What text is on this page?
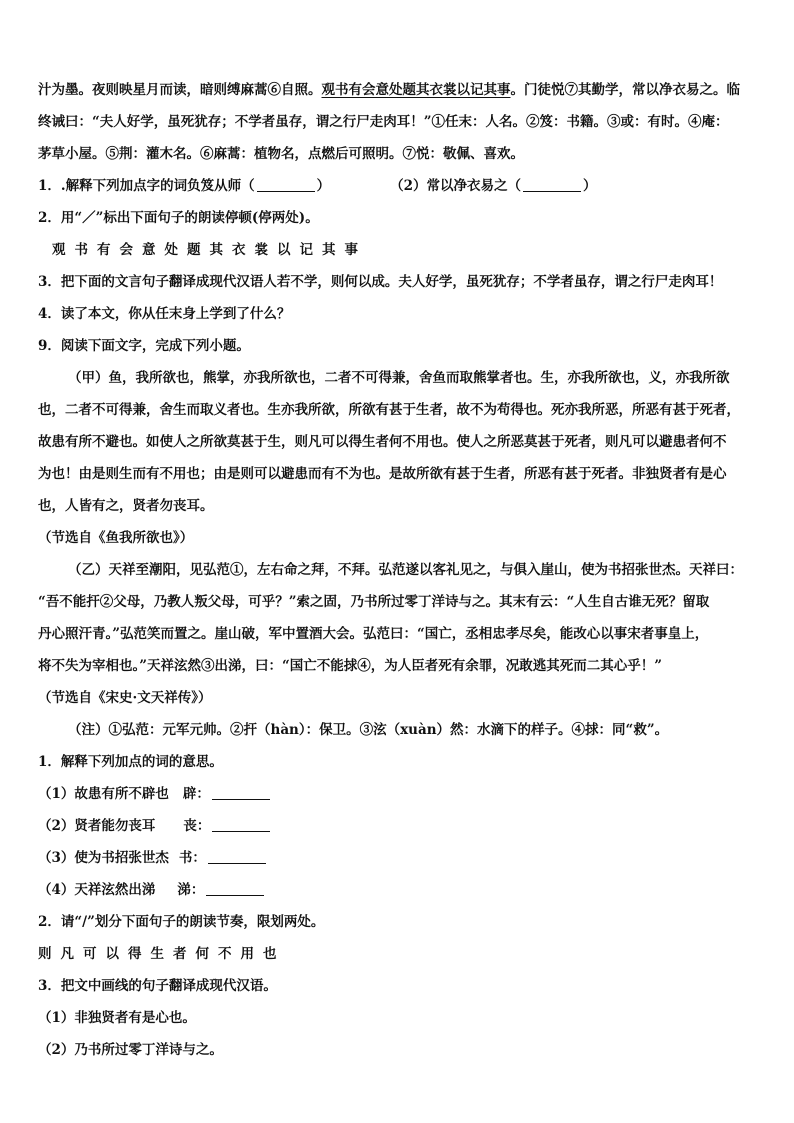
汁为墨。夜则映星月而读，暗则缚麻蒿⑥自照。观书有会意处题其衣裳以记其事。门徒悦⑦其勤学，常以净衣易之。临
终诫曰：“夫人好学，虽死犹存；不学者虽存，谓之行尸走肉耳！”①任末：人名。②笈：书籍。③或：有时。④庵：
茅草小屋。⑤荆：灌木名。⑥麻蒿：植物名，点燃后可照明。⑦悦：敬佩、喜欢。
1．.解释下列加点字的词负笈从师（	）	（2）常以净衣易之（	）
2．用“／”标出下面句子的朗读停顿(停两处)。
观书有会意处题其衣裳以记其事
3．把下面的文言句子翻译成现代汉语人若不学，则何以成。夫人好学，虽死犹存；不学者虽存，谓之行尸走肉耳！
4．读了本文，你从任末身上学到了什么？
9．阅读下面文字，完成下列小题。
（甲）鱼，我所欲也，熊掌，亦我所欲也，二者不可得兼，舍鱼而取熊掌者也。生，亦我所欲也，义，亦我所欲
也，二者不可得兼，舍生而取义者也。生亦我所欲，所欲有甚于生者，故不为苟得也。死亦我所恶，所恶有甚于死者，
故患有所不避也。如使人之所欲莫甚于生，则凡可以得生者何不用也。使人之所恶莫甚于死者，则凡可以避患者何不
为也！由是则生而有不用也；由是则可以避患而有不为也。是故所欲有甚于生者，所恶有甚于死者。非独贤者有是心
也，人皆有之，贤者勿丧耳。
（节选自《鱼我所欲也》）
（乙）天祥至潮阳，见弘范①，左右命之拜，不拜。弘范遂以客礼见之，与俱入崖山，使为书招张世杰。天祥曰：
“吾不能扞②父母，乃教人叛父母，可乎？”索之固，乃书所过零丁洋诗与之。其末有云：“人生自古谁无死？留取
丹心照汗青。”弘范笑而置之。崖山破，军中置酒大会。弘范曰：“国亡，丞相忠孝尽矣，能改心以事宋者事皇上，
将不失为宰相也。”天祥泫然③出涕，曰：“国亡不能捄④，为人臣者死有余罪，况敢逃其死而二其心乎！”
（节选自《宋史·文天祥传》）
（注）①弘范：元军元帅。②扞（hàn）：保卫。③泫（xuàn）然：水滴下的样子。④捄：同“救”。
1．解释下列加点的词的意思。
（1）故患有所不辟也 辟：
（2）贤者能勿丧耳 丧：
（3）使为书招张世杰 书：
（4）天祥泫然出涕 涕：
2．请“/”划分下面句子的朗读节奏，限划两处。
则凡可以得生者何不用也
3．把文中画线的句子翻译成现代汉语。
（1）非独贤者有是心也。
（2）乃书所过零丁洋诗与之。
